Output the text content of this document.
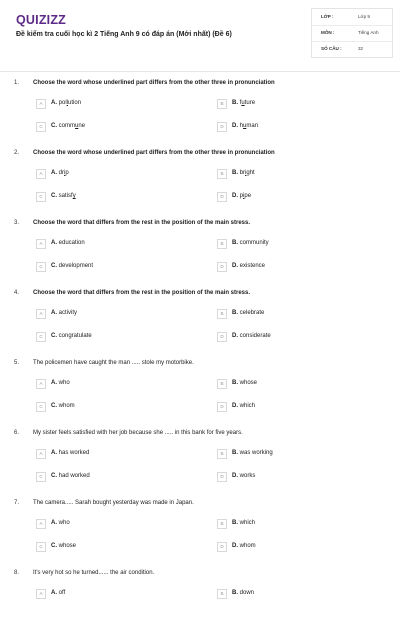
QUIZIZZ
Đề kiểm tra cuối học kì 2 Tiếng Anh 9 có đáp án (Mới nhất) (Đề 6)
LỚP :	Lớp 9
MÔN :	Tiếng Anh
SỐ CÂU :	32
1. Choose the word whose underlined part differs from the other three in pronunciation
A	A. pollution	B	B. future
C	C. commune	D	D. human
2. Choose the word whose underlined part differs from the other three in pronunciation
A	A. drip	B	B. bright
C	C. satisfy	D	D. pipe
3. Choose the word that differs from the rest in the position of the main stress.
A	A. education	B	B. community
C	C. development	D	D. existence
4. Choose the word that differs from the rest in the position of the main stress.
A	A. activity	B	B. celebrate
C	C. congratulate	D	D. considerate
5. The policemen have caught the man ..... stole my motorbike.
A	A. who	B	B. whose
C	C. whom	D	D. which
6. My sister feels satisfied with her job because she ..... in this bank for five years.
A	A. has worked	B	B. was working
C	C. had worked	D	D. works
7. The camera..... Sarah bought yesterday was made in Japan.
A	A. who	B	B. which
C	C. whose	D	D. whom
8. It's very hot so he turned...... the air condition.
A	A. off	B	B. down
